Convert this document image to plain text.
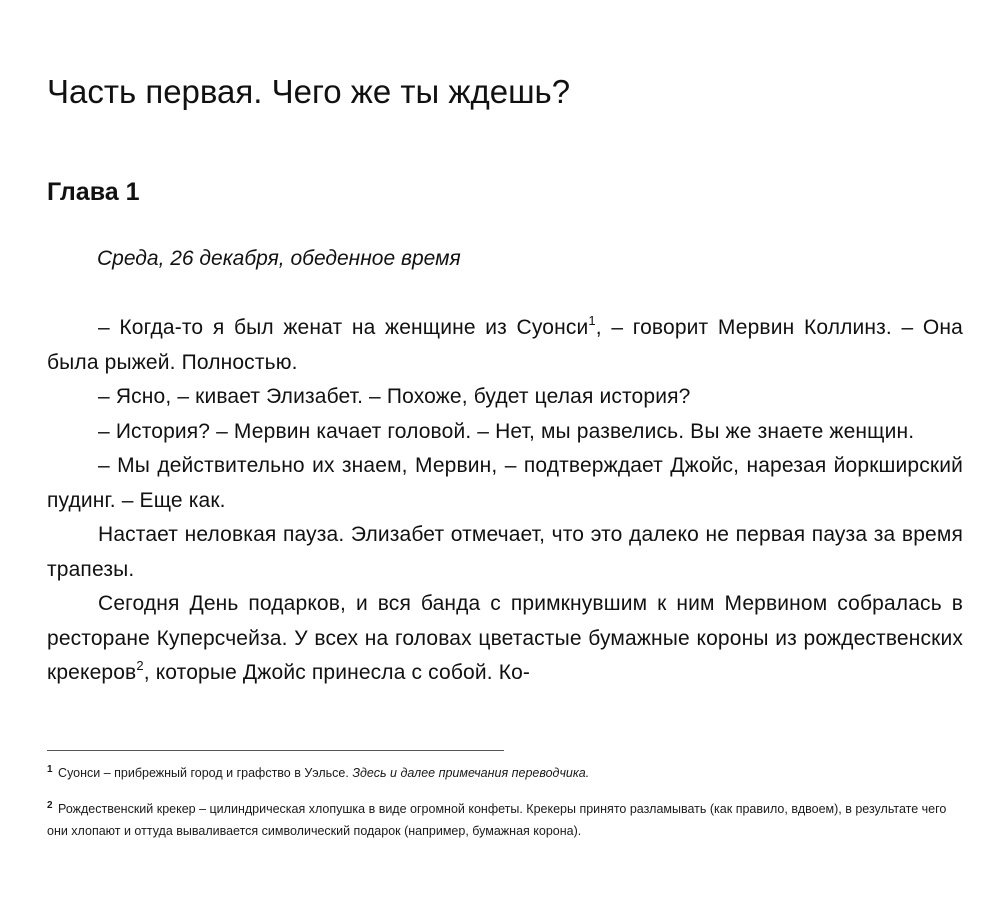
Часть первая. Чего же ты ждешь?
Глава 1

Среда, 26 декабря, обеденное время

– Когда-то я был женат на женщине из Суонси$^1$, – говорит Мервин Коллинз. – Она была рыжей. Полностью.

– Ясно, – кивает Элизабет. – Похоже, будет целая история?

– История? – Мервин качает головой. – Нет, мы развелись. Вы же знаете женщин.

– Мы действительно их знаем, Мервин, – подтверждает Джойс, нарезая йоркширский пудинг. – Еще как.

Настает неловкая пауза. Элизабет отмечает, что это далеко не первая пауза за время трапезы.

Сегодня День подарков, и вся банда с примкнувшим к ним Мервином собралась в ресторане Куперсчейза. У всех на головах цветастые бумажные короны из рождественских крекеров$^2$, которые Джойс принесла с собой. Ко-

$^1$ Суонси – прибрежный город и графство в Уэльсе. Здесь и далее примечания переводчика.

$^2$ Рождественский крекер – цилиндрическая хлопушка в виде огромной конфеты. Крекеры принято разламывать (как правило, вдвоем), в результате чего они хлопают и оттуда вываливается символический подарок (например, бумажная корона).
